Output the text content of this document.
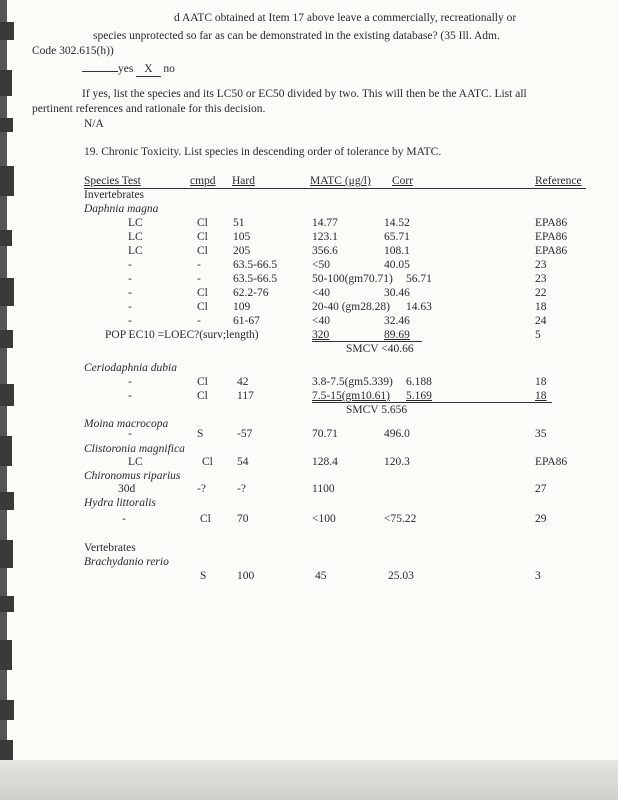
d AATC obtained at Item 17 above leave a commercially, recreationally or
species unprotected so far as can be demonstrated in the existing database? (35 Ill. Adm.
Code 302.615(h))
yes X no
If yes, list the species and its LC50 or EC50 divided by two. This will then be the AATC. List all
pertinent references and rationale for this decision.
N/A
19. Chronic Toxicity. List species in descending order of tolerance by MATC.
Species Test	cmpd Hard	MATC (μg/l) Corr	Reference
Invertebrates
Daphnia magna
LC	Cl 51	14.77	14.52	EPA86
LC	Cl 105	123.1	65.71	EPA86
LC	Cl 205	356.6	108.1	EPA86
-	-	63.5-66.5	<50	40.05	23
-	-	63.5-66.5	50-100(gm70.71) 56.71	23
-	Cl 62.2-76	<40	30.46	22
-	Cl 109	20-40 (gm28.28) 14.63	18
-	-	61-67	<40	32.46	24
POP EC10 =LOEC?(surv;length)	320	89.69	5
SMCV <40.66
Ceriodaphnia dubia
-	Cl	42	3.8-7.5(gm5.339) 6.188	18
-	Cl	117	7.5-15(gm10.61) 5.169	18
SMCV 5.656
Moina macrocopa
-	S	-57	70.71	496.0	35
Clistoronia magnifica
LC	Cl 54	128.4	120.3	EPA86
Chironomus riparius
30d	-?	-?	1100	27
Hydra littoralis
-	Cl 70	<100	<75.22	29
Vertebrates
Brachydanio rerio
S	100	45	25.03	3
